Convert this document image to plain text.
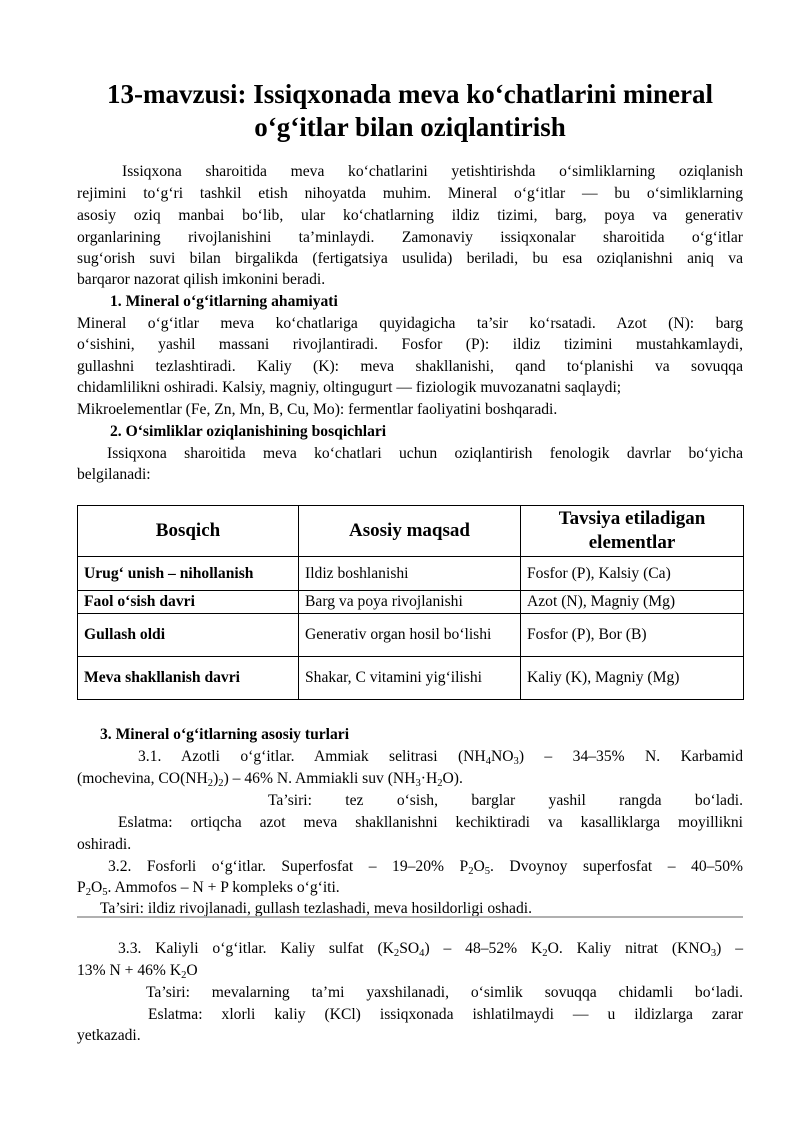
13-mavzusi: Issiqxonada meva ko‘chatlarini mineral
o‘g‘itlar bilan oziqlantirish

Issiqxona sharoitida meva ko‘chatlarini yetishtirishda o‘simliklarning oziqlanish

rejimini to‘g‘ri tashkil etish nihoyatda muhim. Mineral o‘g‘itlar — bu o‘simliklarning

asosiy oziq manbai bo‘lib, ular ko‘chatlarning ildiz tizimi, barg, poya va generativ

organlarining rivojlanishini ta’minlaydi. Zamonaviy issiqxonalar sharoitida o‘g‘itlar

sug‘orish suvi bilan birgalikda (fertigatsiya usulida) beriladi, bu esa oziqlanishni aniq va

barqaror nazorat qilish imkonini beradi.

1. Mineral o‘g‘itlarning ahamiyati

Mineral o‘g‘itlar meva ko‘chatlariga quyidagicha ta’sir ko‘rsatadi. Azot (N): barg

o‘sishini, yashil massani rivojlantiradi. Fosfor (P): ildiz tizimini mustahkamlaydi,

gullashni tezlashtiradi. Kaliy (K): meva shakllanishi, qand to‘planishi va sovuqqa

chidamlilikni oshiradi. Kalsiy, magniy, oltingugurt — fiziologik muvozanatni saqlaydi;

Mikroelementlar (Fe, Zn, Mn, B, Cu, Mo): fermentlar faoliyatini boshqaradi.

2. O‘simliklar oziqlanishining bosqichlari

Issiqxona sharoitida meva ko‘chatlari uchun oziqlantirish fenologik davrlar bo‘yicha

belgilanadi:

Bosqich	Asosiy maqsad	Tavsiya etiladigan elementlar
Urug‘ unish – nihollanish	Ildiz boshlanishi	Fosfor (P), Kalsiy (Ca)
Faol o‘sish davri	Barg va poya rivojlanishi	Azot (N), Magniy (Mg)
Gullash oldi	Generativ organ hosil bo‘lishi	Fosfor (P), Bor (B)
Meva shakllanish davri	Shakar, C vitamini yig‘ilishi	Kaliy (K), Magniy (Mg)

3. Mineral o‘g‘itlarning asosiy turlari

3.1. Azotli o‘g‘itlar. Ammiak selitrasi $(NH_4NO_3) - 34-35\%$ N. Karbamid

(mochevina, $CO(NH_2)_2) - 46\%$ N. Ammiakli suv $(NH_3\cdot H_2O)$.

Ta’siri: tez o‘sish, barglar yashil rangda bo‘ladi.

Eslatma: ortiqcha azot meva shakllanishni kechiktiradi va kasalliklarga moyillikni

oshiradi.

3.2. Fosforli o‘g‘itlar. Superfosfat – 19–20% $P_2O_5$. Dvoynoy superfosfat – 40–50%

$P_2O_5$. Ammofos – N + P kompleks o‘g‘iti.

Ta’siri: ildiz rivojlanadi, gullash tezlashadi, meva hosildorligi oshadi.

3.3. Kaliyli o‘g‘itlar. Kaliy sulfat $(K_2SO_4) - 48-52\%$ $K_2O$. Kaliy nitrat $(KNO_3)$ –

13% N + 46% $K_2O$

Ta’siri: mevalarning ta’mi yaxshilanadi, o‘simlik sovuqqa chidamli bo‘ladi.

Eslatma: xlorli kaliy (KCl) issiqxonada ishlatilmaydi — u ildizlarga zarar

yetkazadi.
